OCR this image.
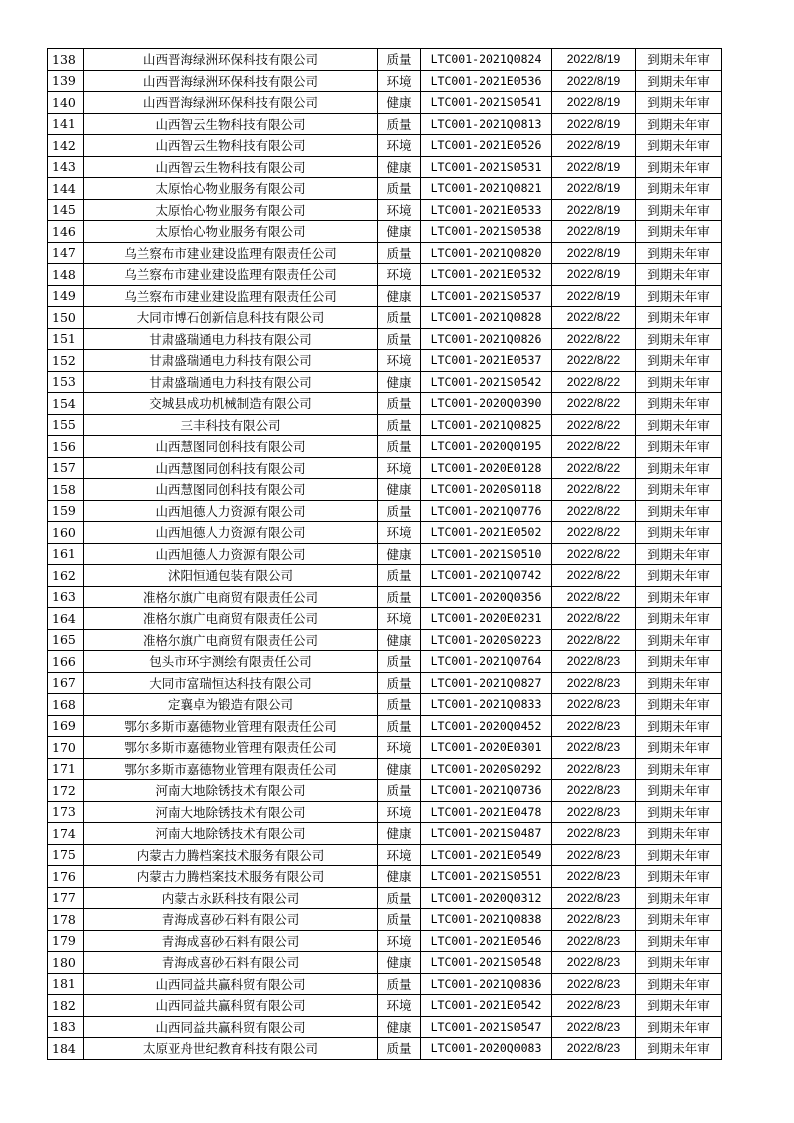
138	山西晋海绿洲环保科技有限公司	质量	LTC001-2021Q0824	2022/8/19	到期未年审
139	山西晋海绿洲环保科技有限公司	环境	LTC001-2021E0536	2022/8/19	到期未年审
140	山西晋海绿洲环保科技有限公司	健康	LTC001-2021S0541	2022/8/19	到期未年审
141	山西智云生物科技有限公司	质量	LTC001-2021Q0813	2022/8/19	到期未年审
142	山西智云生物科技有限公司	环境	LTC001-2021E0526	2022/8/19	到期未年审
143	山西智云生物科技有限公司	健康	LTC001-2021S0531	2022/8/19	到期未年审
144	太原怡心物业服务有限公司	质量	LTC001-2021Q0821	2022/8/19	到期未年审
145	太原怡心物业服务有限公司	环境	LTC001-2021E0533	2022/8/19	到期未年审
146	太原怡心物业服务有限公司	健康	LTC001-2021S0538	2022/8/19	到期未年审
147	乌兰察布市建业建设监理有限责任公司	质量	LTC001-2021Q0820	2022/8/19	到期未年审
148	乌兰察布市建业建设监理有限责任公司	环境	LTC001-2021E0532	2022/8/19	到期未年审
149	乌兰察布市建业建设监理有限责任公司	健康	LTC001-2021S0537	2022/8/19	到期未年审
150	大同市博石创新信息科技有限公司	质量	LTC001-2021Q0828	2022/8/22	到期未年审
151	甘肃盛瑞通电力科技有限公司	质量	LTC001-2021Q0826	2022/8/22	到期未年审
152	甘肃盛瑞通电力科技有限公司	环境	LTC001-2021E0537	2022/8/22	到期未年审
153	甘肃盛瑞通电力科技有限公司	健康	LTC001-2021S0542	2022/8/22	到期未年审
154	交城县成功机械制造有限公司	质量	LTC001-2020Q0390	2022/8/22	到期未年审
155	三丰科技有限公司	质量	LTC001-2021Q0825	2022/8/22	到期未年审
156	山西慧图同创科技有限公司	质量	LTC001-2020Q0195	2022/8/22	到期未年审
157	山西慧图同创科技有限公司	环境	LTC001-2020E0128	2022/8/22	到期未年审
158	山西慧图同创科技有限公司	健康	LTC001-2020S0118	2022/8/22	到期未年审
159	山西旭德人力资源有限公司	质量	LTC001-2021Q0776	2022/8/22	到期未年审
160	山西旭德人力资源有限公司	环境	LTC001-2021E0502	2022/8/22	到期未年审
161	山西旭德人力资源有限公司	健康	LTC001-2021S0510	2022/8/22	到期未年审
162	沭阳恒通包装有限公司	质量	LTC001-2021Q0742	2022/8/22	到期未年审
163	准格尔旗广电商贸有限责任公司	质量	LTC001-2020Q0356	2022/8/22	到期未年审
164	准格尔旗广电商贸有限责任公司	环境	LTC001-2020E0231	2022/8/22	到期未年审
165	准格尔旗广电商贸有限责任公司	健康	LTC001-2020S0223	2022/8/22	到期未年审
166	包头市环宇测绘有限责任公司	质量	LTC001-2021Q0764	2022/8/23	到期未年审
167	大同市富瑞恒达科技有限公司	质量	LTC001-2021Q0827	2022/8/23	到期未年审
168	定襄卓为锻造有限公司	质量	LTC001-2021Q0833	2022/8/23	到期未年审
169	鄂尔多斯市嘉德物业管理有限责任公司	质量	LTC001-2020Q0452	2022/8/23	到期未年审
170	鄂尔多斯市嘉德物业管理有限责任公司	环境	LTC001-2020E0301	2022/8/23	到期未年审
171	鄂尔多斯市嘉德物业管理有限责任公司	健康	LTC001-2020S0292	2022/8/23	到期未年审
172	河南大地除锈技术有限公司	质量	LTC001-2021Q0736	2022/8/23	到期未年审
173	河南大地除锈技术有限公司	环境	LTC001-2021E0478	2022/8/23	到期未年审
174	河南大地除锈技术有限公司	健康	LTC001-2021S0487	2022/8/23	到期未年审
175	内蒙古力腾档案技术服务有限公司	环境	LTC001-2021E0549	2022/8/23	到期未年审
176	内蒙古力腾档案技术服务有限公司	健康	LTC001-2021S0551	2022/8/23	到期未年审
177	内蒙古永跃科技有限公司	质量	LTC001-2020Q0312	2022/8/23	到期未年审
178	青海成喜砂石料有限公司	质量	LTC001-2021Q0838	2022/8/23	到期未年审
179	青海成喜砂石料有限公司	环境	LTC001-2021E0546	2022/8/23	到期未年审
180	青海成喜砂石料有限公司	健康	LTC001-2021S0548	2022/8/23	到期未年审
181	山西同益共赢科贸有限公司	质量	LTC001-2021Q0836	2022/8/23	到期未年审
182	山西同益共赢科贸有限公司	环境	LTC001-2021E0542	2022/8/23	到期未年审
183	山西同益共赢科贸有限公司	健康	LTC001-2021S0547	2022/8/23	到期未年审
184	太原亚舟世纪教育科技有限公司	质量	LTC001-2020Q0083	2022/8/23	到期未年审
